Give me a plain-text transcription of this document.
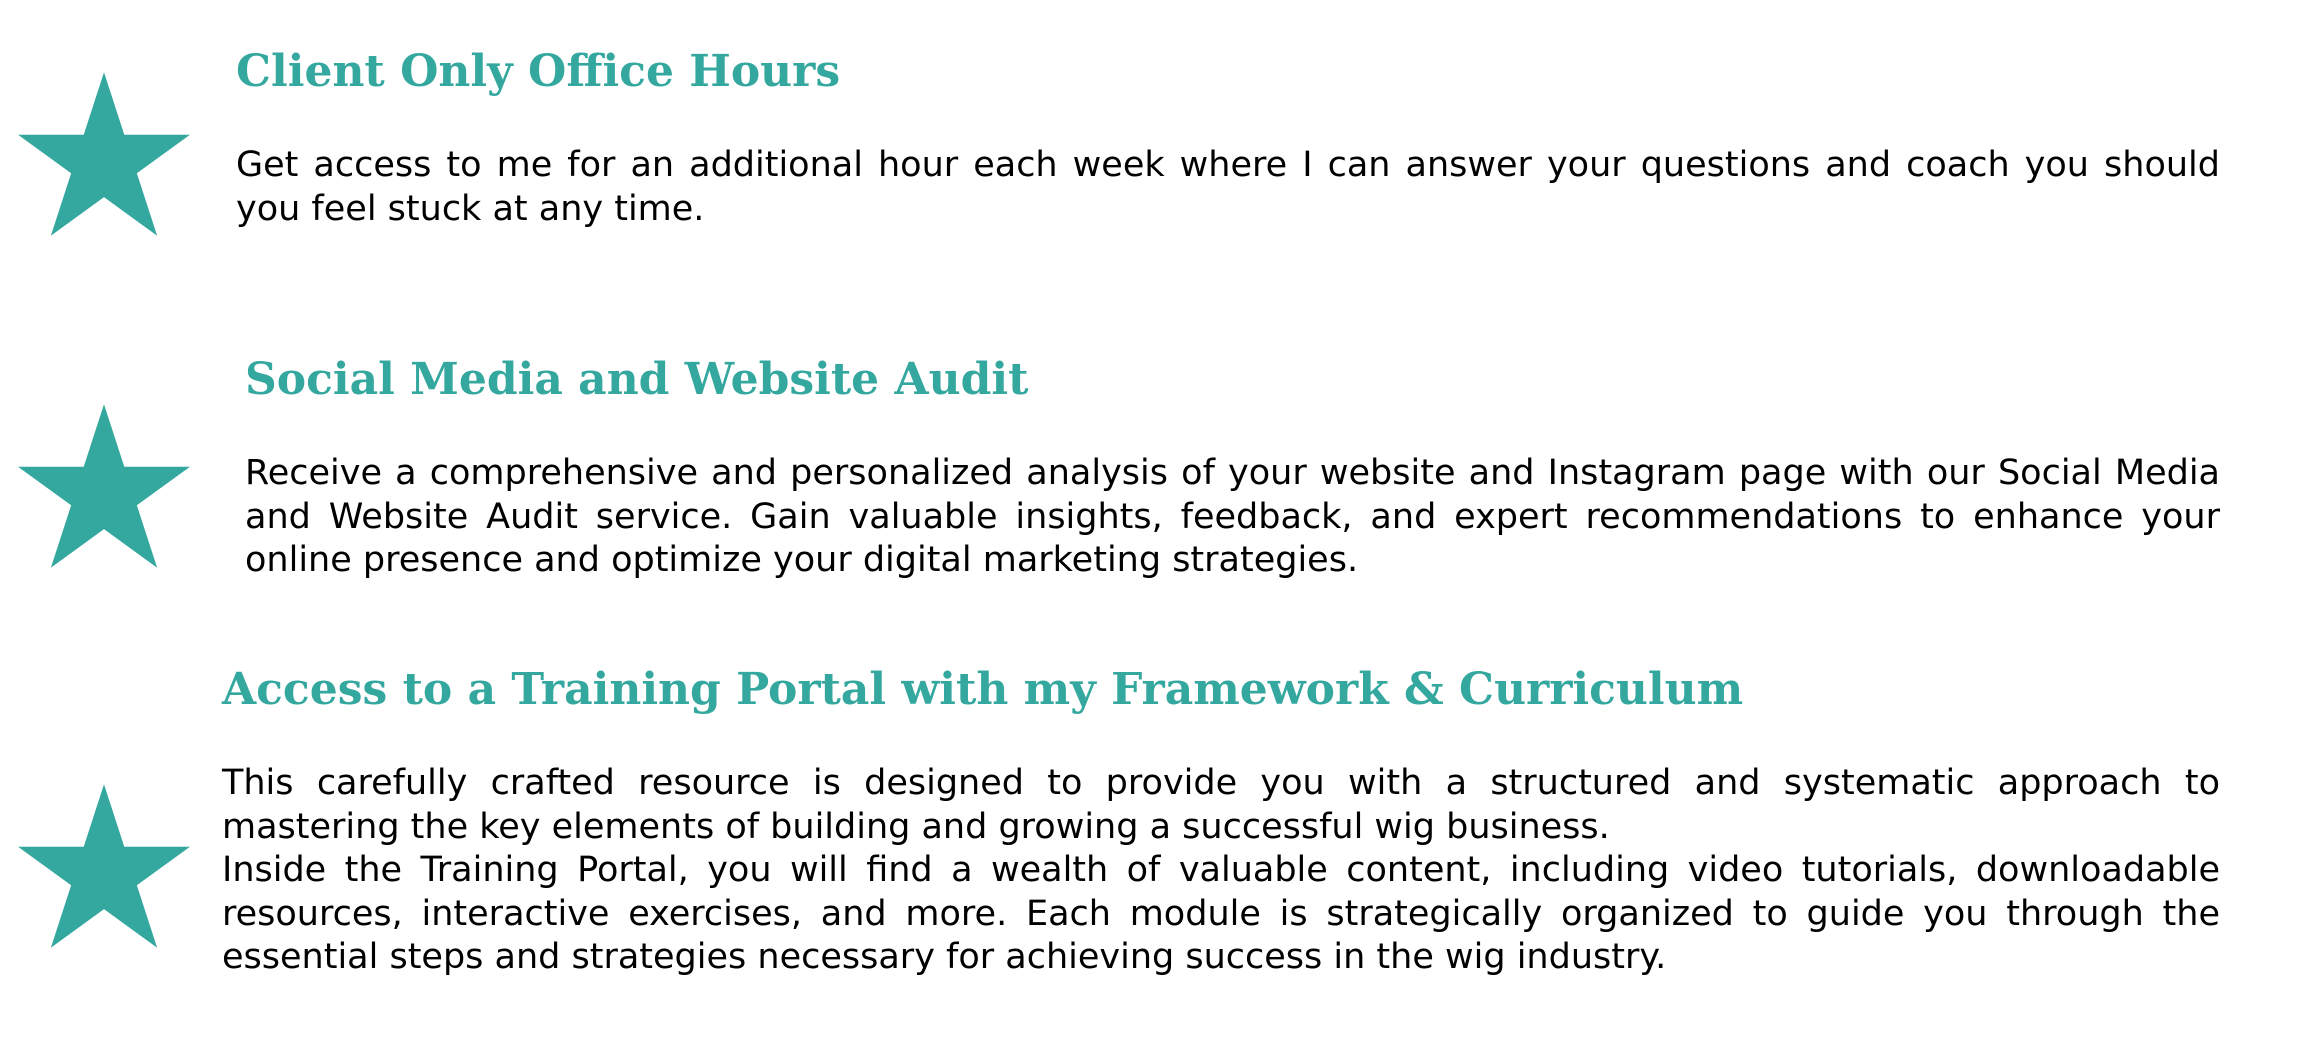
Client Only Office Hours

Get access to me for an additional hour each week where I can answer your questions and coach you should you feel stuck at any time.

Social Media and Website Audit

Receive a comprehensive and personalized analysis of your website and Instagram page with our Social Media and Website Audit service. Gain valuable insights, feedback, and expert recommendations to enhance your online presence and optimize your digital marketing strategies.

Access to a Training Portal with my Framework & Curriculum

This carefully crafted resource is designed to provide you with a structured and systematic approach to mastering the key elements of building and growing a successful wig business.

Inside the Training Portal, you will find a wealth of valuable content, including video tutorials, downloadable resources, interactive exercises, and more. Each module is strategically organized to guide you through the essential steps and strategies necessary for achieving success in the wig industry.
